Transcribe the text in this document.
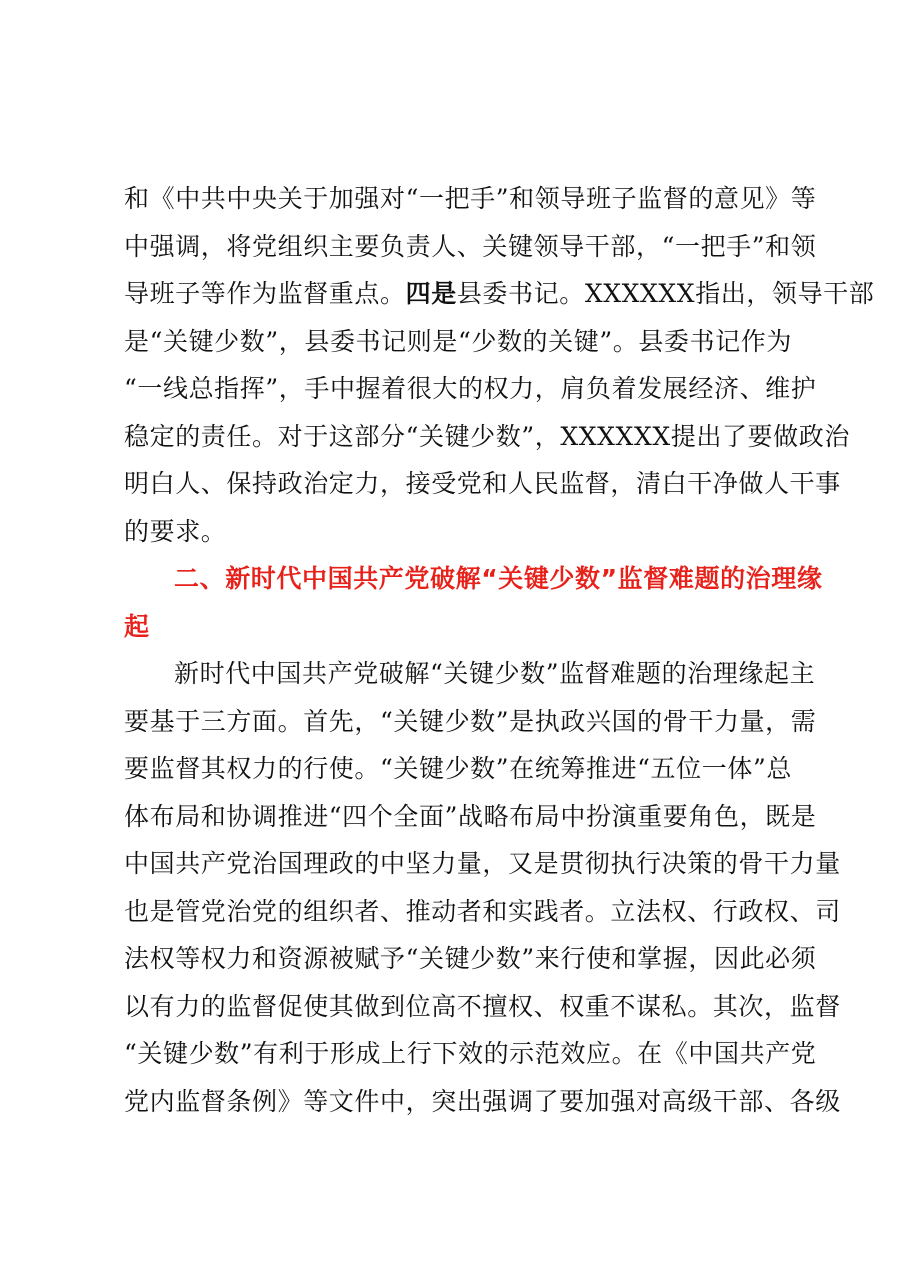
和《中共中央关于加强对“一把手”和领导班子监督的意见》等
中强调，将党组织主要负责人、关键领导干部，“一把手”和领
导班子等作为监督重点。四是县委书记。XXXXXX指出，领导干部
是“关键少数”，县委书记则是“少数的关键”。县委书记作为
“一线总指挥”，手中握着很大的权力，肩负着发展经济、维护
稳定的责任。对于这部分“关键少数”，XXXXXX提出了要做政治
明白人、保持政治定力，接受党和人民监督，清白干净做人干事
的要求。
二、新时代中国共产党破解“关键少数”监督难题的治理缘
起
新时代中国共产党破解“关键少数”监督难题的治理缘起主
要基于三方面。首先，“关键少数”是执政兴国的骨干力量，需
要监督其权力的行使。“关键少数”在统筹推进“五位一体”总
体布局和协调推进“四个全面”战略布局中扮演重要角色，既是
中国共产党治国理政的中坚力量，又是贯彻执行决策的骨干力量
也是管党治党的组织者、推动者和实践者。立法权、行政权、司
法权等权力和资源被赋予“关键少数”来行使和掌握，因此必须
以有力的监督促使其做到位高不擅权、权重不谋私。其次，监督
“关键少数”有利于形成上行下效的示范效应。在《中国共产党
党内监督条例》等文件中，突出强调了要加强对高级干部、各级
